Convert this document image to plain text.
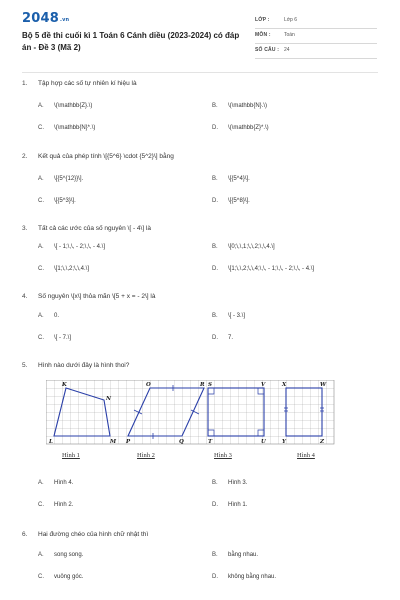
$2048^{.vn}$
Bộ 5 đề thi cuối kì 1 Toán 6 Cánh diều (2023-2024) có đáp án - Đề 3 (Mã 2)
LỚP :	Lớp 6
MÔN :	Toán
SỐ CÂU : 24
1. Tập hợp các số tự nhiên kí hiệu là
A. \(\mathbb{Z}.\)	B. \(\mathbb{N}.\)
C. \(\mathbb{N}*.\)	D. \(\mathbb{Z}*.\)
2. Kết quả của phép tính \[{5^6} \cdot {5^2}\] bằng
A. \[{5^{12}}\].	B. \[{5^4}\].
C. \[{5^3}\].	D. \[{5^8}\].
3. Tất cả các ước của số nguyên \[ - 4\] là
A. \[ - 1;\,\, - 2;\,\, - 4.\]	B. \[0;\,\,1;\,\,2;\,\,4.\]
C. \[1;\,\,2;\,\,4.\]	D. \[1;\,\,2;\,\,4;\,\, - 1;\,\, - 2;\,\, - 4.\]
4. Số nguyên \[x\] thỏa mãn \[5 + x = - 2\] là
A. 0.	B. \[ - 3.\]
C. \[ - 7.\]	D. 7.
5. Hình nào dưới đây là hình thoi?
K
N
L	M
O	R
P	Q
S	V
T	U
X	W
Y	Z
Hình 1	Hình 2	Hình 3	Hình 4
A. Hình 4.	B. Hình 3.
C. Hình 2.	D. Hình 1.
6. Hai đường chéo của hình chữ nhật thì
A. song song.	B. bằng nhau.
C. vuông góc.	D. không bằng nhau.
